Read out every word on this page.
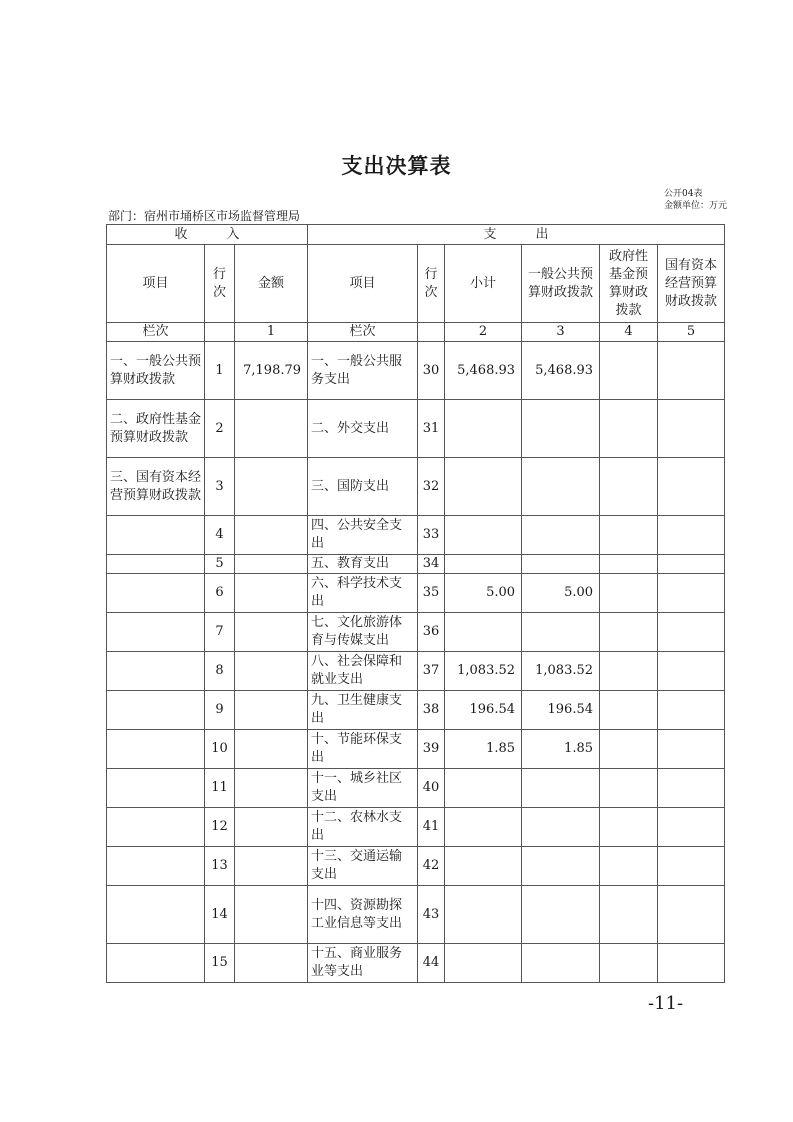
支出决算表
公开04表
金额单位：万元
部门：宿州市埇桥区市场监督管理局
收　　　入			支　　　出					
项目	行次	金额	项目	行次	小计	一般公共预算财政拨款	政府性基金预算财政拨款	国有资本经营预算财政拨款
栏次		1	栏次		2	3	4	5
一、一般公共预算财政拨款	1	7,198.79	一、一般公共服务支出	30	5,468.93	5,468.93		
二、政府性基金预算财政拨款	2		二、外交支出	31				
三、国有资本经营预算财政拨款	3		三、国防支出	32				
	4		四、公共安全支出	33				
	5		五、教育支出	34				
	6		六、科学技术支出	35	5.00	5.00		
	7		七、文化旅游体育与传媒支出	36				
	8		八、社会保障和就业支出	37	1,083.52	1,083.52		
	9		九、卫生健康支出	38	196.54	196.54		
	10		十、节能环保支出	39	1.85	1.85		
	11		十一、城乡社区支出	40				
	12		十二、农林水支出	41				
	13		十三、交通运输支出	42				
	14		十四、资源勘探工业信息等支出	43				
	15		十五、商业服务业等支出	44				
-11-
